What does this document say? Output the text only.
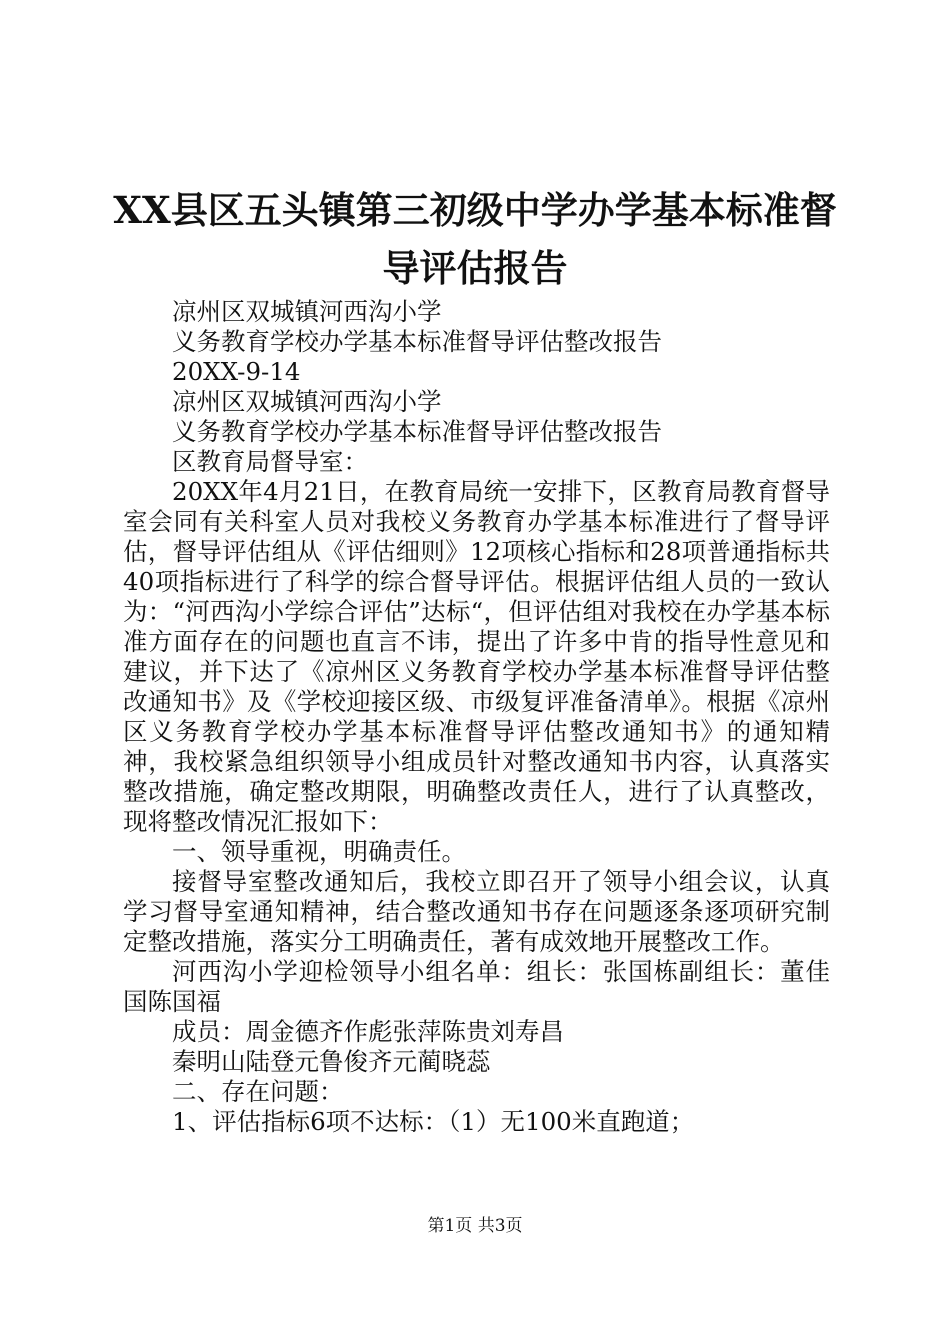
XX县区五头镇第三初级中学办学基本标准督
导评估报告

凉州区双城镇河西沟小学

义务教育学校办学基本标准督导评估整改报告

20XX-9-14

凉州区双城镇河西沟小学

义务教育学校办学基本标准督导评估整改报告

区教育局督导室：

20XX年4月21日，在教育局统一安排下，区教育局教育督导室会同有关科室人员对我校义务教育办学基本标准进行了督导评估，督导评估组从《评估细则》12项核心指标和28项普通指标共40项指标进行了科学的综合督导评估。根据评估组人员的一致认为：“河西沟小学综合评估”达标“，但评估组对我校在办学基本标准方面存在的问题也直言不讳，提出了许多中肯的指导性意见和建议，并下达了《凉州区义务教育学校办学基本标准督导评估整改通知书》及《学校迎接区级、市级复评准备清单》。根据《凉州区义务教育学校办学基本标准督导评估整改通知书》的通知精神，我校紧急组织领导小组成员针对整改通知书内容，认真落实整改措施，确定整改期限，明确整改责任人，进行了认真整改，现将整改情况汇报如下：

一、领导重视，明确责任。

接督导室整改通知后，我校立即召开了领导小组会议，认真学习督导室通知精神，结合整改通知书存在问题逐条逐项研究制定整改措施，落实分工明确责任，著有成效地开展整改工作。

河西沟小学迎检领导小组名单：组长：张国栋副组长：董佳国陈国福

成员：周金德齐作彪张萍陈贵刘寿昌

秦明山陆登元鲁俊齐元蔺晓蕊

二、存在问题：

1、评估指标6项不达标：（1）无100米直跑道；

第1页 共3页
